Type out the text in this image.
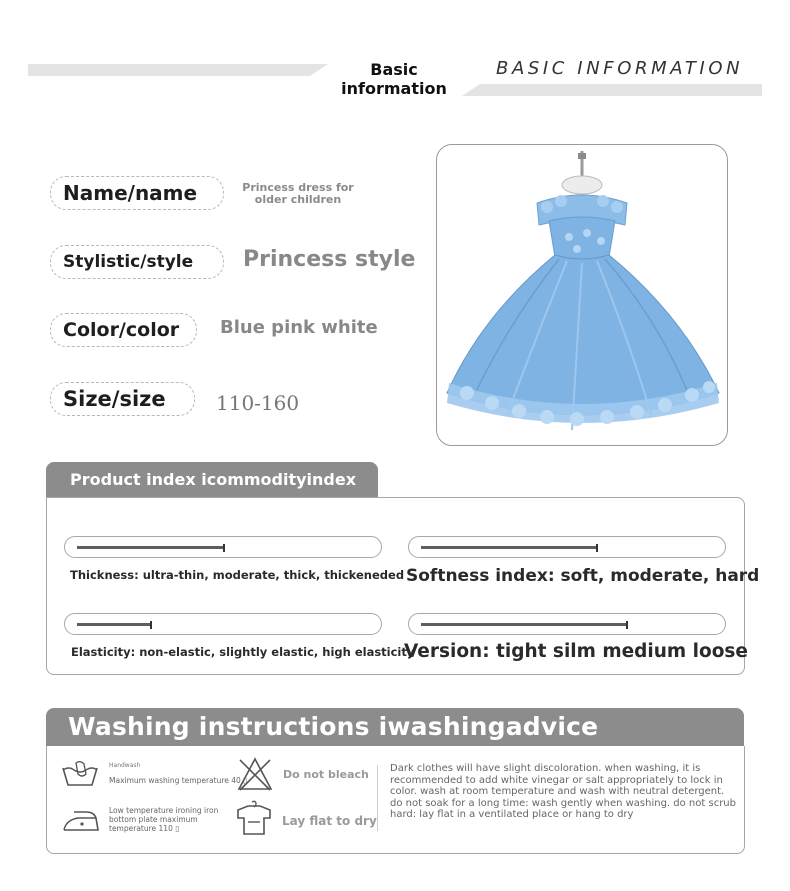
Basic information
BASIC INFORMATION
Name/name	Princess dress for older children
Stylistic/style	Princess style
Color/color	Blue pink white
Size/size	110-160
Product index icommodityindex
Thickness: ultra-thin, moderate, thick, thickeneded Softness index: soft, moderate, hard
Elasticity: non-elastic, slightly elastic, high elasticity
Version: tight silm medium loose
Washing instructions iwashingadvice
Handwash
Maximum washing temperature 40 ▯	Do not bleach
Low temperature ironing iron bottom plate maximum temperature 110 ▯
Lay flat to dry
Dark clothes will have slight discoloration. when washing, it is recommended to add white vinegar or salt appropriately to lock in color. wash at room temperature and wash with neutral detergent. do not soak for a long time: wash gently when washing. do not scrub hard: lay flat in a ventilated place or hang to dry
